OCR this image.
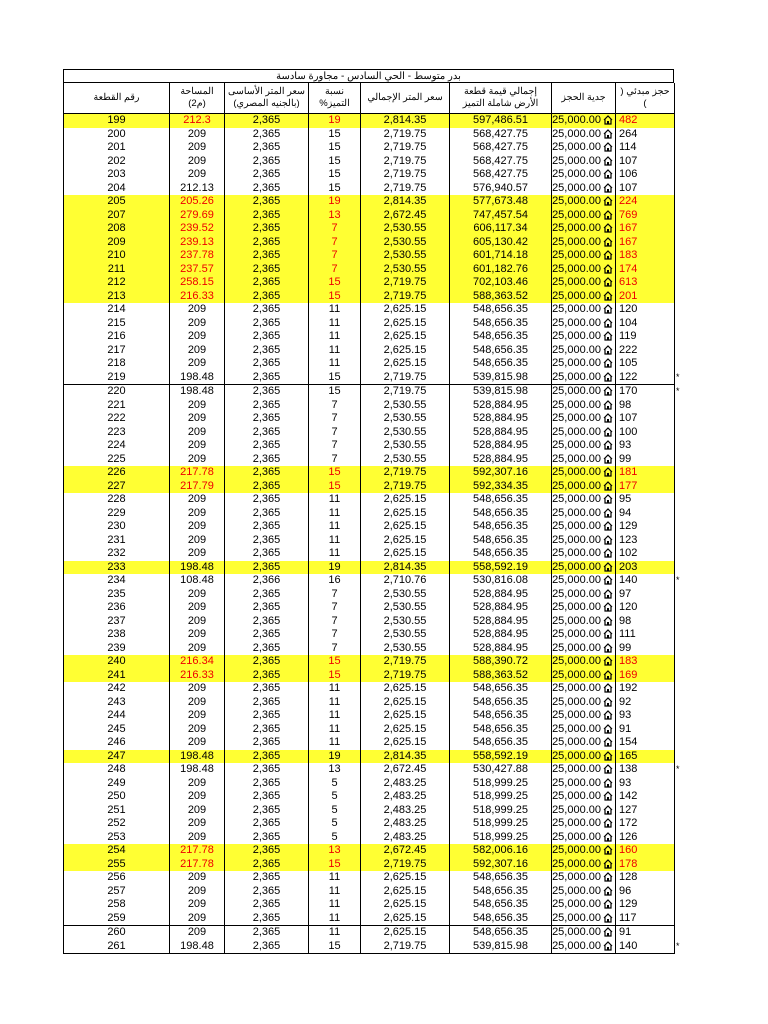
بدر متوسط - الحي السادس - مجاورة سادسة
رقم القطعة	المساحة (م2)	سعر المتر الأساسى (بالجنيه المصري)	نسبة التميز%	سعر المتر الإجمالي	إجمالي قيمة قطعة الأرض شاملة التميز	جدية الحجز	حجز مبدئي ( )
199	212.3	2,365	19	2,814.35	597,486.51	25,000.00	482
200	209	2,365	15	2,719.75	568,427.75	25,000.00	264
201	209	2,365	15	2,719.75	568,427.75	25,000.00	114
202	209	2,365	15	2,719.75	568,427.75	25,000.00	107
203	209	2,365	15	2,719.75	568,427.75	25,000.00	106
204	212.13	2,365	15	2,719.75	576,940.57	25,000.00	107
205	205.26	2,365	19	2,814.35	577,673.48	25,000.00	224
207	279.69	2,365	13	2,672.45	747,457.54	25,000.00	769
208	239.52	2,365	7	2,530.55	606,117.34	25,000.00	167
209	239.13	2,365	7	2,530.55	605,130.42	25,000.00	167
210	237.78	2,365	7	2,530.55	601,714.18	25,000.00	183
211	237.57	2,365	7	2,530.55	601,182.76	25,000.00	174
212	258.15	2,365	15	2,719.75	702,103.46	25,000.00	613
213	216.33	2,365	15	2,719.75	588,363.52	25,000.00	201
214	209	2,365	11	2,625.15	548,656.35	25,000.00	120
215	209	2,365	11	2,625.15	548,656.35	25,000.00	104
216	209	2,365	11	2,625.15	548,656.35	25,000.00	119
217	209	2,365	11	2,625.15	548,656.35	25,000.00	222
218	209	2,365	11	2,625.15	548,656.35	25,000.00	105
219	198.48	2,365	15	2,719.75	539,815.98	25,000.00	122
220	198.48	2,365	15	2,719.75	539,815.98	25,000.00	170
221	209	2,365	7	2,530.55	528,884.95	25,000.00	98
222	209	2,365	7	2,530.55	528,884.95	25,000.00	107
223	209	2,365	7	2,530.55	528,884.95	25,000.00	100
224	209	2,365	7	2,530.55	528,884.95	25,000.00	93
225	209	2,365	7	2,530.55	528,884.95	25,000.00	99
226	217.78	2,365	15	2,719.75	592,307.16	25,000.00	181
227	217.79	2,365	15	2,719.75	592,334.35	25,000.00	177
228	209	2,365	11	2,625.15	548,656.35	25,000.00	95
229	209	2,365	11	2,625.15	548,656.35	25,000.00	94
230	209	2,365	11	2,625.15	548,656.35	25,000.00	129
231	209	2,365	11	2,625.15	548,656.35	25,000.00	123
232	209	2,365	11	2,625.15	548,656.35	25,000.00	102
233	198.48	2,365	19	2,814.35	558,592.19	25,000.00	203
234	108.48	2,366	16	2,710.76	530,816.08	25,000.00	140
235	209	2,365	7	2,530.55	528,884.95	25,000.00	97
236	209	2,365	7	2,530.55	528,884.95	25,000.00	120
237	209	2,365	7	2,530.55	528,884.95	25,000.00	98
238	209	2,365	7	2,530.55	528,884.95	25,000.00	111
239	209	2,365	7	2,530.55	528,884.95	25,000.00	99
240	216.34	2,365	15	2,719.75	588,390.72	25,000.00	183
241	216.33	2,365	15	2,719.75	588,363.52	25,000.00	169
242	209	2,365	11	2,625.15	548,656.35	25,000.00	192
243	209	2,365	11	2,625.15	548,656.35	25,000.00	92
244	209	2,365	11	2,625.15	548,656.35	25,000.00	93
245	209	2,365	11	2,625.15	548,656.35	25,000.00	91
246	209	2,365	11	2,625.15	548,656.35	25,000.00	154
247	198.48	2,365	19	2,814.35	558,592.19	25,000.00	165
248	198.48	2,365	13	2,672.45	530,427.88	25,000.00	138
249	209	2,365	5	2,483.25	518,999.25	25,000.00	93
250	209	2,365	5	2,483.25	518,999.25	25,000.00	142
251	209	2,365	5	2,483.25	518,999.25	25,000.00	127
252	209	2,365	5	2,483.25	518,999.25	25,000.00	172
253	209	2,365	5	2,483.25	518,999.25	25,000.00	126
254	217.78	2,365	13	2,672.45	582,006.16	25,000.00	160
255	217.78	2,365	15	2,719.75	592,307.16	25,000.00	178
256	209	2,365	11	2,625.15	548,656.35	25,000.00	128
257	209	2,365	11	2,625.15	548,656.35	25,000.00	96
258	209	2,365	11	2,625.15	548,656.35	25,000.00	129
259	209	2,365	11	2,625.15	548,656.35	25,000.00	117
260	209	2,365	11	2,625.15	548,656.35	25,000.00	91
261	198.48	2,365	15	2,719.75	539,815.98	25,000.00	140
*
*
*
*
*
